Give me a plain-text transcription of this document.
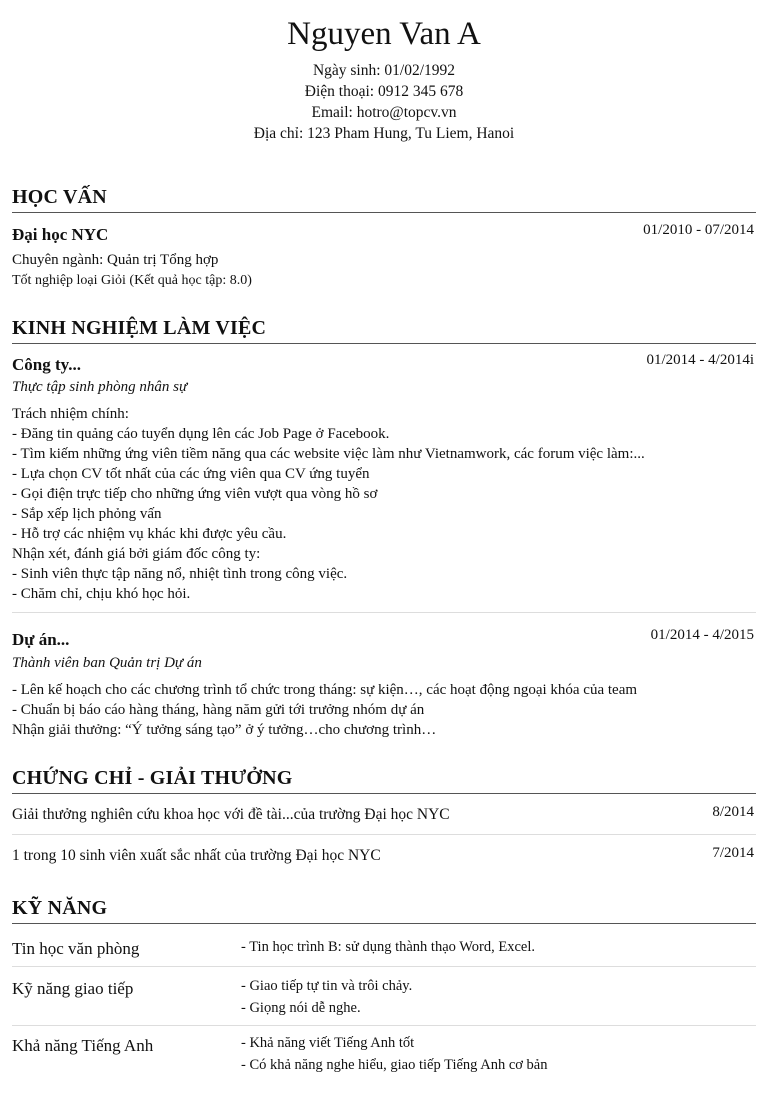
Nguyen Van A
Ngày sinh: 01/02/1992
Điện thoại: 0912 345 678
Email: hotro@topcv.vn
Địa chỉ: 123 Pham Hung, Tu Liem, Hanoi
HỌC VẤN
Đại học NYC	01/2010 - 07/2014
Chuyên ngành: Quản trị Tổng hợp
Tốt nghiệp loại Giỏi (Kết quả học tập: 8.0)
KINH NGHIỆM LÀM VIỆC
Công ty...	01/2014 - 4/2014i
Thực tập sinh phòng nhân sự
Trách nhiệm chính:
- Đăng tin quảng cáo tuyển dụng lên các Job Page ở Facebook.
- Tìm kiếm những ứng viên tiềm năng qua các website việc làm như Vietnamwork, các forum việc làm:...
- Lựa chọn CV tốt nhất của các ứng viên qua CV ứng tuyển
- Gọi điện trực tiếp cho những ứng viên vượt qua vòng hồ sơ
- Sắp xếp lịch phỏng vấn
- Hỗ trợ các nhiệm vụ khác khi được yêu cầu.
Nhận xét, đánh giá bởi giám đốc công ty:
- Sinh viên thực tập năng nổ, nhiệt tình trong công việc.
- Chăm chỉ, chịu khó học hỏi.
Dự án...	01/2014 - 4/2015
Thành viên ban Quản trị Dự án
- Lên kế hoạch cho các chương trình tổ chức trong tháng: sự kiện…, các hoạt động ngoại khóa của team
- Chuẩn bị báo cáo hàng tháng, hàng năm gửi tới trưởng nhóm dự án
Nhận giải thưởng: “Ý tưởng sáng tạo” ở ý tưởng…cho chương trình…
CHỨNG CHỈ - GIẢI THƯỞNG
Giải thưởng nghiên cứu khoa học với đề tài...của trường Đại học NYC	8/2014
1 trong 10 sinh viên xuất sắc nhất của trường Đại học NYC	7/2014
KỸ NĂNG
Tin học văn phòng	- Tin học trình B: sử dụng thành thạo Word, Excel.
Kỹ năng giao tiếp	- Giao tiếp tự tin và trôi chảy.
- Giọng nói dễ nghe.
Khả năng Tiếng Anh	- Khả năng viết Tiếng Anh tốt
- Có khả năng nghe hiểu, giao tiếp Tiếng Anh cơ bản
